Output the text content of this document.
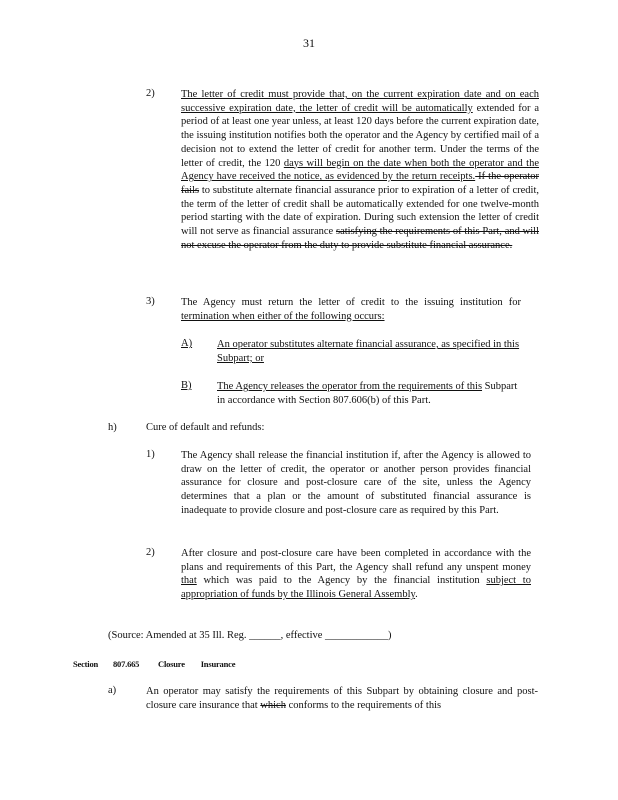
31
2)	The letter of credit must provide that, on the current expiration date and on each successive expiration date, the letter of credit will be automatically extended for a period of at least one year unless, at least 120 days before the current expiration date, the issuing institution notifies both the operator and the Agency by certified mail of a decision not to extend the letter of credit for another term. Under the terms of the letter of credit, the 120 days will begin on the date when both the operator and the Agency have received the notice, as evidenced by the return receipts. If the operator fails to substitute alternate financial assurance prior to expiration of a letter of credit, the term of the letter of credit shall be automatically extended for one twelve-month period starting with the date of expiration. During such extension the letter of credit will not serve as financial assurance satisfying the requirements of this Part, and will not excuse the operator from the duty to provide substitute financial assurance.
3)	The Agency must return the letter of credit to the issuing institution for termination when either of the following occurs:
A) An operator substitutes alternate financial assurance, as specified in this Subpart; or
B) The Agency releases the operator from the requirements of this Subpart in accordance with Section 807.606(b) of this Part.
h)	Cure of default and refunds:
1)	The Agency shall release the financial institution if, after the Agency is allowed to draw on the letter of credit, the operator or another person provides financial assurance for closure and post-closure care of the site, unless the Agency determines that a plan or the amount of substituted financial assurance is inadequate to provide closure and post-closure care as required by this Part.
2)	After closure and post-closure care have been completed in accordance with the plans and requirements of this Part, the Agency shall refund any unspent money that which was paid to the Agency by the financial institution subject to appropriation of funds by the Illinois General Assembly.
(Source: Amended at 35 Ill. Reg. ______, effective ____________)
Section 807.665 Closure Insurance
a)	An operator may satisfy the requirements of this Subpart by obtaining closure and post-closure care insurance that which conforms to the requirements of this
